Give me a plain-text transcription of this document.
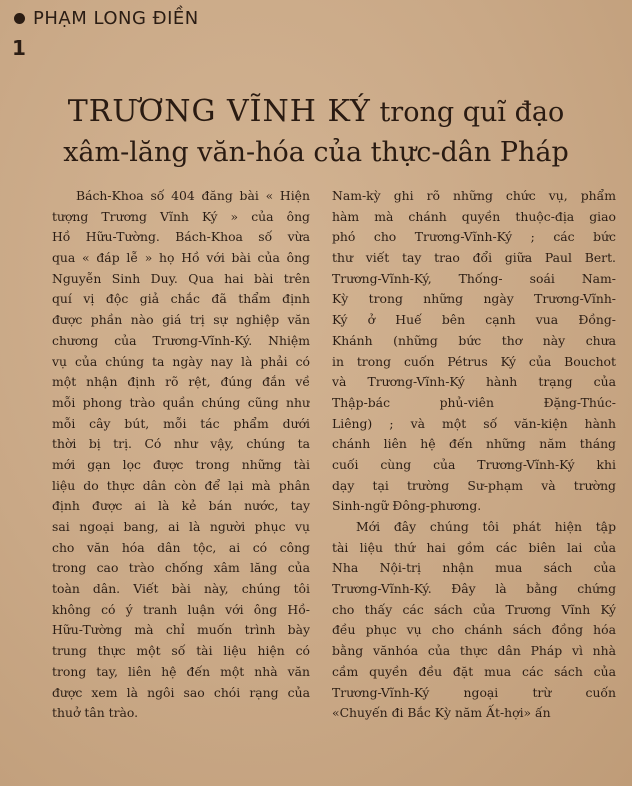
PHẠM LONG ĐIỀN
1
TRƯƠNG VĨNH KÝ trong quĩ đạo
xâm-lăng văn-hóa của thực-dân Pháp
Bách-Khoa số 404 đăng bài « Hiện
tượng Trương Vĩnh Ký » của ông
Hồ Hữu-Tường. Bách-Khoa số vừa
qua « đáp lễ » họ Hồ với bài của ông
Nguyễn Sinh Duy. Qua hai bài trên
quí vị độc giả chắc đã thẩm định
được phần nào giá trị sự nghiệp văn
chương của Trương-Vĩnh-Ký. Nhiệm
vụ của chúng ta ngày nay là phải có
một nhận định rõ rệt, đúng đắn về
mỗi phong trào quần chúng cũng như
mỗi cây bút, mỗi tác phẩm dưới
thời bị trị. Có như vậy, chúng ta
mới gạn lọc được trong những tài
liệu do thực dân còn để lại mà phân
định được ai là kẻ bán nước, tay
sai ngoại bang, ai là người phục vụ
cho văn hóa dân tộc, ai có công
trong cao trào chống xâm lăng của
toàn dân. Viết bài này, chúng tôi
không có ý tranh luận với ông Hồ-
Hữu-Tường mà chỉ muốn trình bày
trung thực một số tài liệu hiện có
trong tay, liên hệ đến một nhà văn
được xem là ngôi sao chói rạng của
thuở tân trào.
Nam-kỳ ghi rõ những chức vụ, phẩm
hàm mà chánh quyền thuộc-địa giao
phó cho Trương-Vĩnh-Ký ; các bức
thư viết tay trao đổi giữa Paul Bert.
Trương-Vĩnh-Ký, Thống- soái Nam-
Kỳ trong những ngày Trương-Vĩnh-
Ký ở Huế bên cạnh vua Đồng-
Khánh (những bức thơ này chưa
in trong cuốn Pétrus Ký của Bouchot
và Trương-Vĩnh-Ký hành trạng của
Thập-bác phủ-viên Đặng-Thúc-
Liêng) ; và một số văn-kiện hành
chánh liên hệ đến những năm tháng
cuối cùng của Trương-Vĩnh-Ký khi
dạy tại trường Sư-phạm và trường
Sinh-ngữ Đông-phương.
Mới đây chúng tôi phát hiện tập
tài liệu thứ hai gồm các biên lai của
Nha Nội-trị nhận mua sách của
Trương-Vĩnh-Ký. Đây là bằng chứng
cho thấy các sách của Trương Vĩnh Ký
đều phục vụ cho chánh sách đồng hóa
bằng vănhóa của thực dân Pháp vì nhà
cầm quyền đều đặt mua các sách của
Trương-Vĩnh-Ký ngoại trừ cuốn
«Chuyến đi Bắc Kỳ năm Ất-hợi» ấn
